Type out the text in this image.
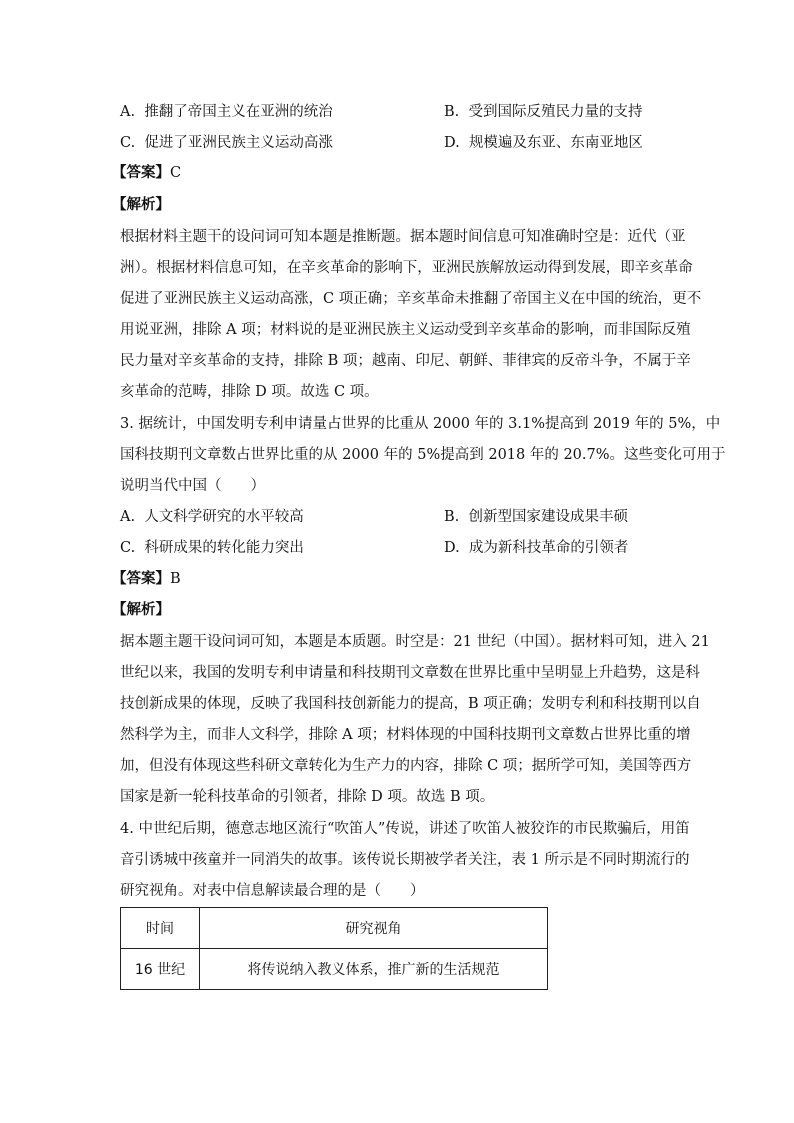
A. 推翻了帝国主义在亚洲的统治	B. 受到国际反殖民力量的支持
C. 促进了亚洲民族主义运动高涨	D. 规模遍及东亚、东南亚地区
【答案】C
【解析】
根据材料主题干的设问词可知本题是推断题。据本题时间信息可知准确时空是：近代（亚
洲）。根据材料信息可知，在辛亥革命的影响下，亚洲民族解放运动得到发展，即辛亥革命
促进了亚洲民族主义运动高涨，C 项正确；辛亥革命未推翻了帝国主义在中国的统治，更不
用说亚洲，排除 A 项；材料说的是亚洲民族主义运动受到辛亥革命的影响，而非国际反殖
民力量对辛亥革命的支持，排除 B 项；越南、印尼、朝鲜、菲律宾的反帝斗争，不属于辛
亥革命的范畴，排除 D 项。故选 C 项。
3. 据统计，中国发明专利申请量占世界的比重从 2000 年的 3.1%提高到 2019 年的 5%，中
国科技期刊文章数占世界比重的从 2000 年的 5%提高到 2018 年的 20.7%。这些变化可用于
说明当代中国（　　）
A. 人文科学研究的水平较高	B. 创新型国家建设成果丰硕
C. 科研成果的转化能力突出	D. 成为新科技革命的引领者
【答案】B
【解析】
据本题主题干设问词可知，本题是本质题。时空是：21 世纪（中国）。据材料可知，进入 21
世纪以来，我国的发明专利申请量和科技期刊文章数在世界比重中呈明显上升趋势，这是科
技创新成果的体现，反映了我国科技创新能力的提高，B 项正确；发明专利和科技期刊以自
然科学为主，而非人文科学，排除 A 项；材料体现的中国科技期刊文章数占世界比重的增
加，但没有体现这些科研文章转化为生产力的内容，排除 C 项；据所学可知，美国等西方
国家是新一轮科技革命的引领者，排除 D 项。故选 B 项。
4. 中世纪后期，德意志地区流行“吹笛人”传说，讲述了吹笛人被狡诈的市民欺骗后，用笛
音引诱城中孩童并一同消失的故事。该传说长期被学者关注，表 1 所示是不同时期流行的
研究视角。对表中信息解读最合理的是（　　）
时间	研究视角
16 世纪	将传说纳入教义体系，推广新的生活规范
